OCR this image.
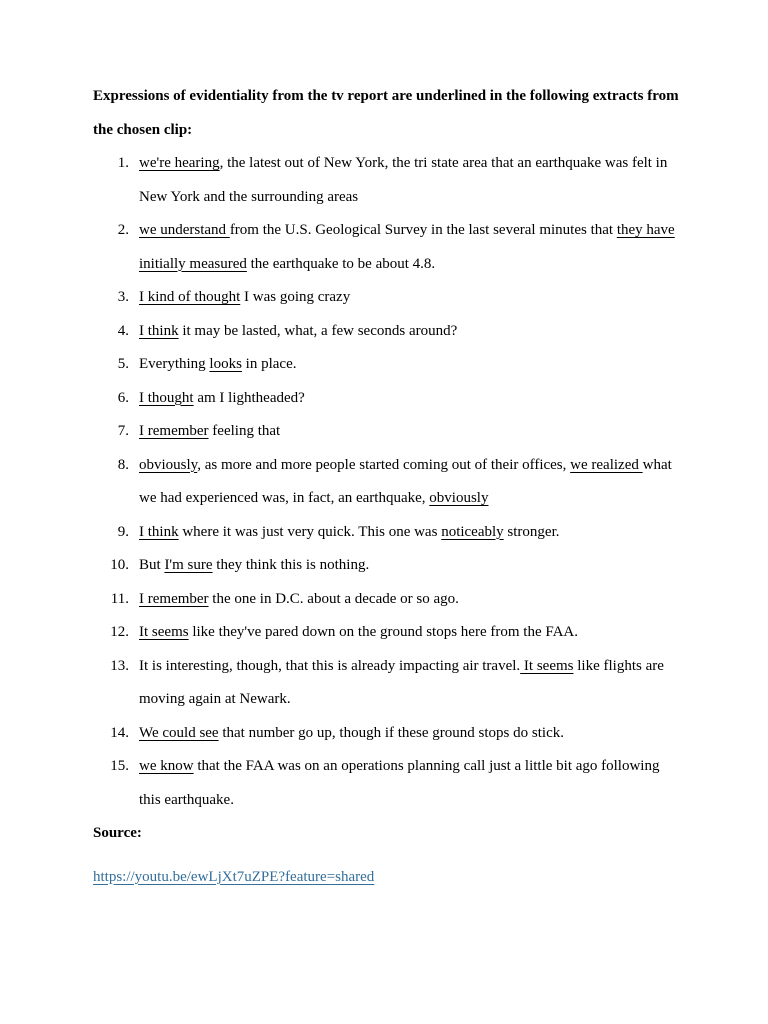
Expressions of evidentiality from the tv report are underlined in the following extracts from the chosen clip:

1. we're hearing, the latest out of New York, the tri state area that an earthquake was felt in New York and the surrounding areas
2. we understand from the U.S. Geological Survey in the last several minutes that they have initially measured the earthquake to be about 4.8.
3. I kind of thought I was going crazy
4. I think it may be lasted, what, a few seconds around?
5. Everything looks in place.
6. I thought am I lightheaded?
7. I remember feeling that
8. obviously, as more and more people started coming out of their offices, we realized what we had experienced was, in fact, an earthquake, obviously
9. I think where it was just very quick. This one was noticeably stronger.
10. But I'm sure they think this is nothing.
11. I remember the one in D.C. about a decade or so ago.
12. It seems like they've pared down on the ground stops here from the FAA.
13. It is interesting, though, that this is already impacting air travel. It seems like flights are moving again at Newark.
14. We could see that number go up, though if these ground stops do stick.
15. we know that the FAA was on an operations planning call just a little bit ago following this earthquake.

Source:

https://youtu.be/ewLjXt7uZPE?feature=shared
